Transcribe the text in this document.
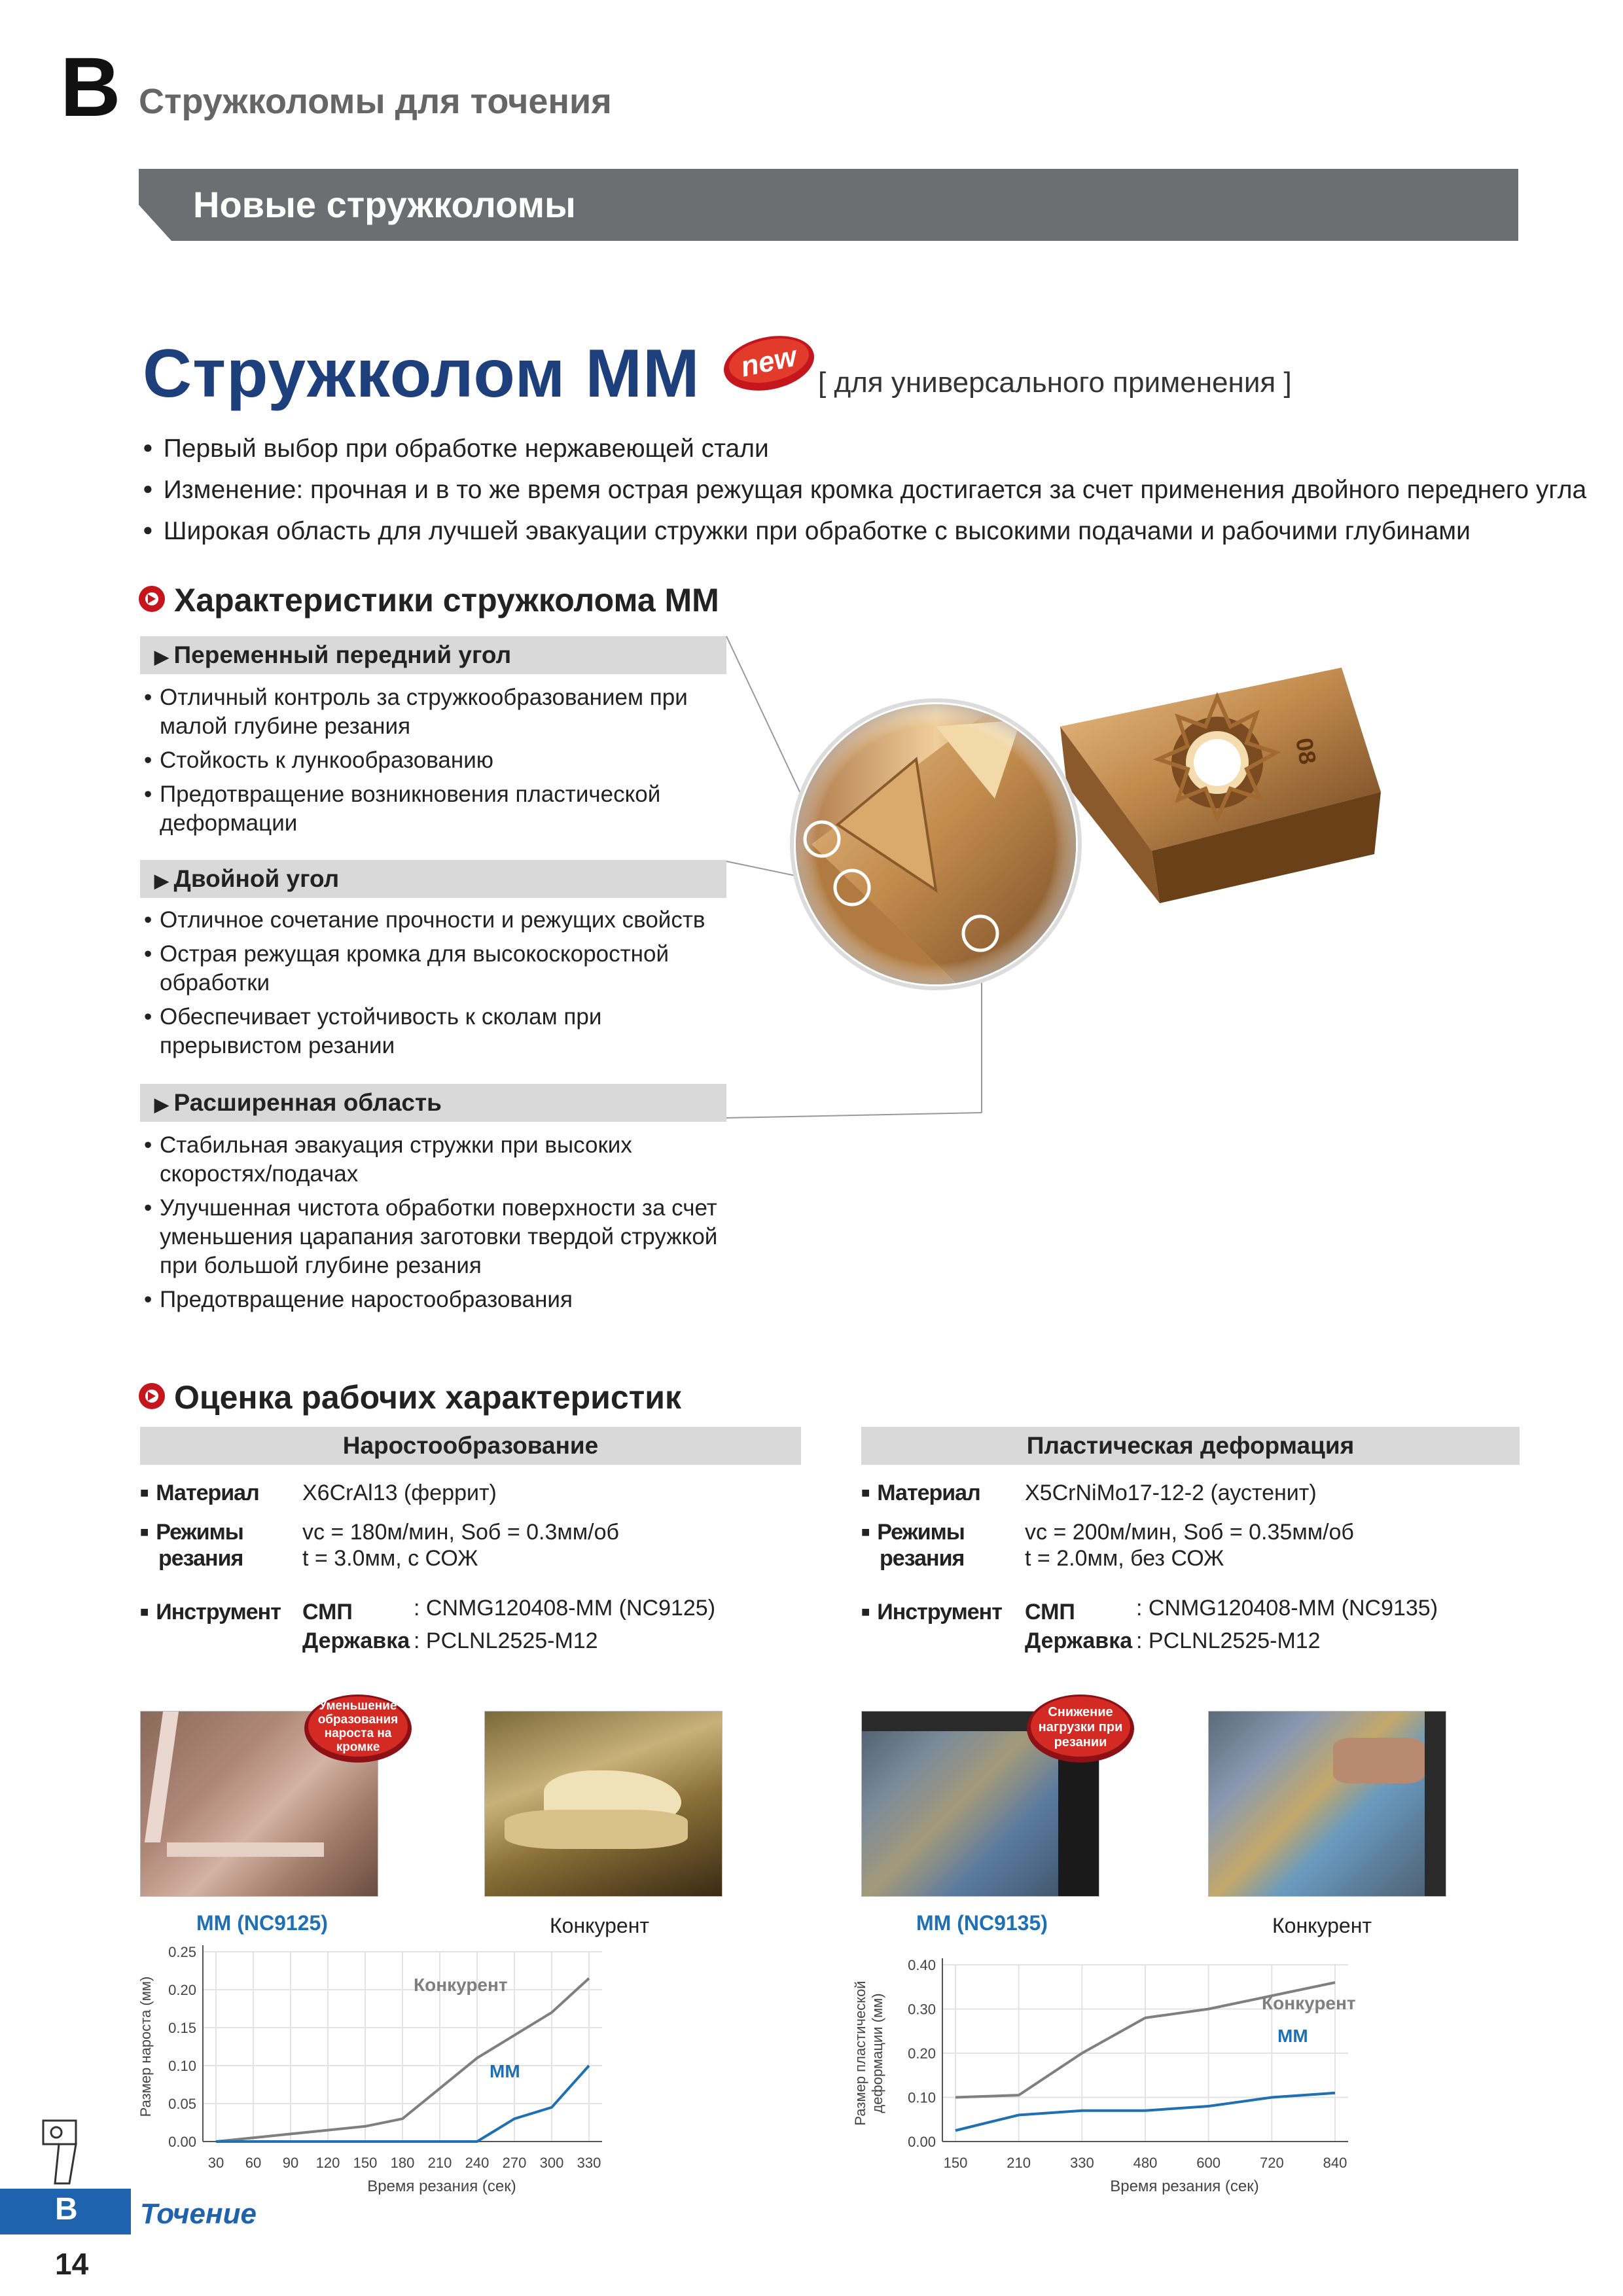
B Стружколомы для точения
Новые стружколомы
Стружколом MM new [ для универсального применения ]
● Первый выбор при обработке нержавеющей стали
● Изменение: прочная и в то же время острая режущая кромка достигается за счет применения двойного переднего угла
● Широкая область для лучшей эвакуации стружки при обработке с высокими подачами и рабочими глубинами
Характеристики стружколома MM
▶ Переменный передний угол
• Отличный контроль за стружкообразованием при малой глубине резания
• Стойкость к лункообразованию
• Предотвращение возникновения пластической деформации
▶ Двойной угол
• Отличное сочетание прочности и режущих свойств
• Острая режущая кромка для высокоскоростной обработки
• Обеспечивает устойчивость к сколам при прерывистом резании
▶ Расширенная область
• Стабильная эвакуация стружки при высоких скоростях/подачах
• Улучшенная чистота обработки поверхности за счет уменьшения царапания заготовки твердой стружкой при большой глубине резания
• Предотвращение наростообразования
08
Оценка рабочих характеристик
Наростообразование
■ Материал X6CrAl13 (феррит)
■ Режимы
резания
vc = 180м/мин, Sоб = 0.3мм/об
t = 3.0мм, с СОЖ
■ Инструмент СМП	: CNMG120408-MM (NC9125)
Державка : PCLNL2525-M12
Уменьшение
образования
нароста на
кромке
MM (NC9125)	Конкурент
Пластическая деформация
■ Материал X5CrNiMo17-12-2 (аустенит)
■ Режимы
резания
vc = 200м/мин, Sоб = 0.35мм/об
t = 2.0мм, без СОЖ
■ Инструмент СМП	: CNMG120408-MM (NC9135)
Державка : PCLNL2525-M12
Снижение
нагрузки при
резании
MM (NC9135)	Конкурент
0.00
0.05
0.10
0.15
0.20
0.25
30 60 90 120 150 180 210 240 270 300 330
Время резания (сек)
Размер нароста (мм)	Конкурент
MM
0.00
0.10
0.20
0.30
0.40
150	210	330	480	600	720	840
Время резания (сек)
Размер пластической деформации (мм)	Конкурент
MM
B Точение
14
